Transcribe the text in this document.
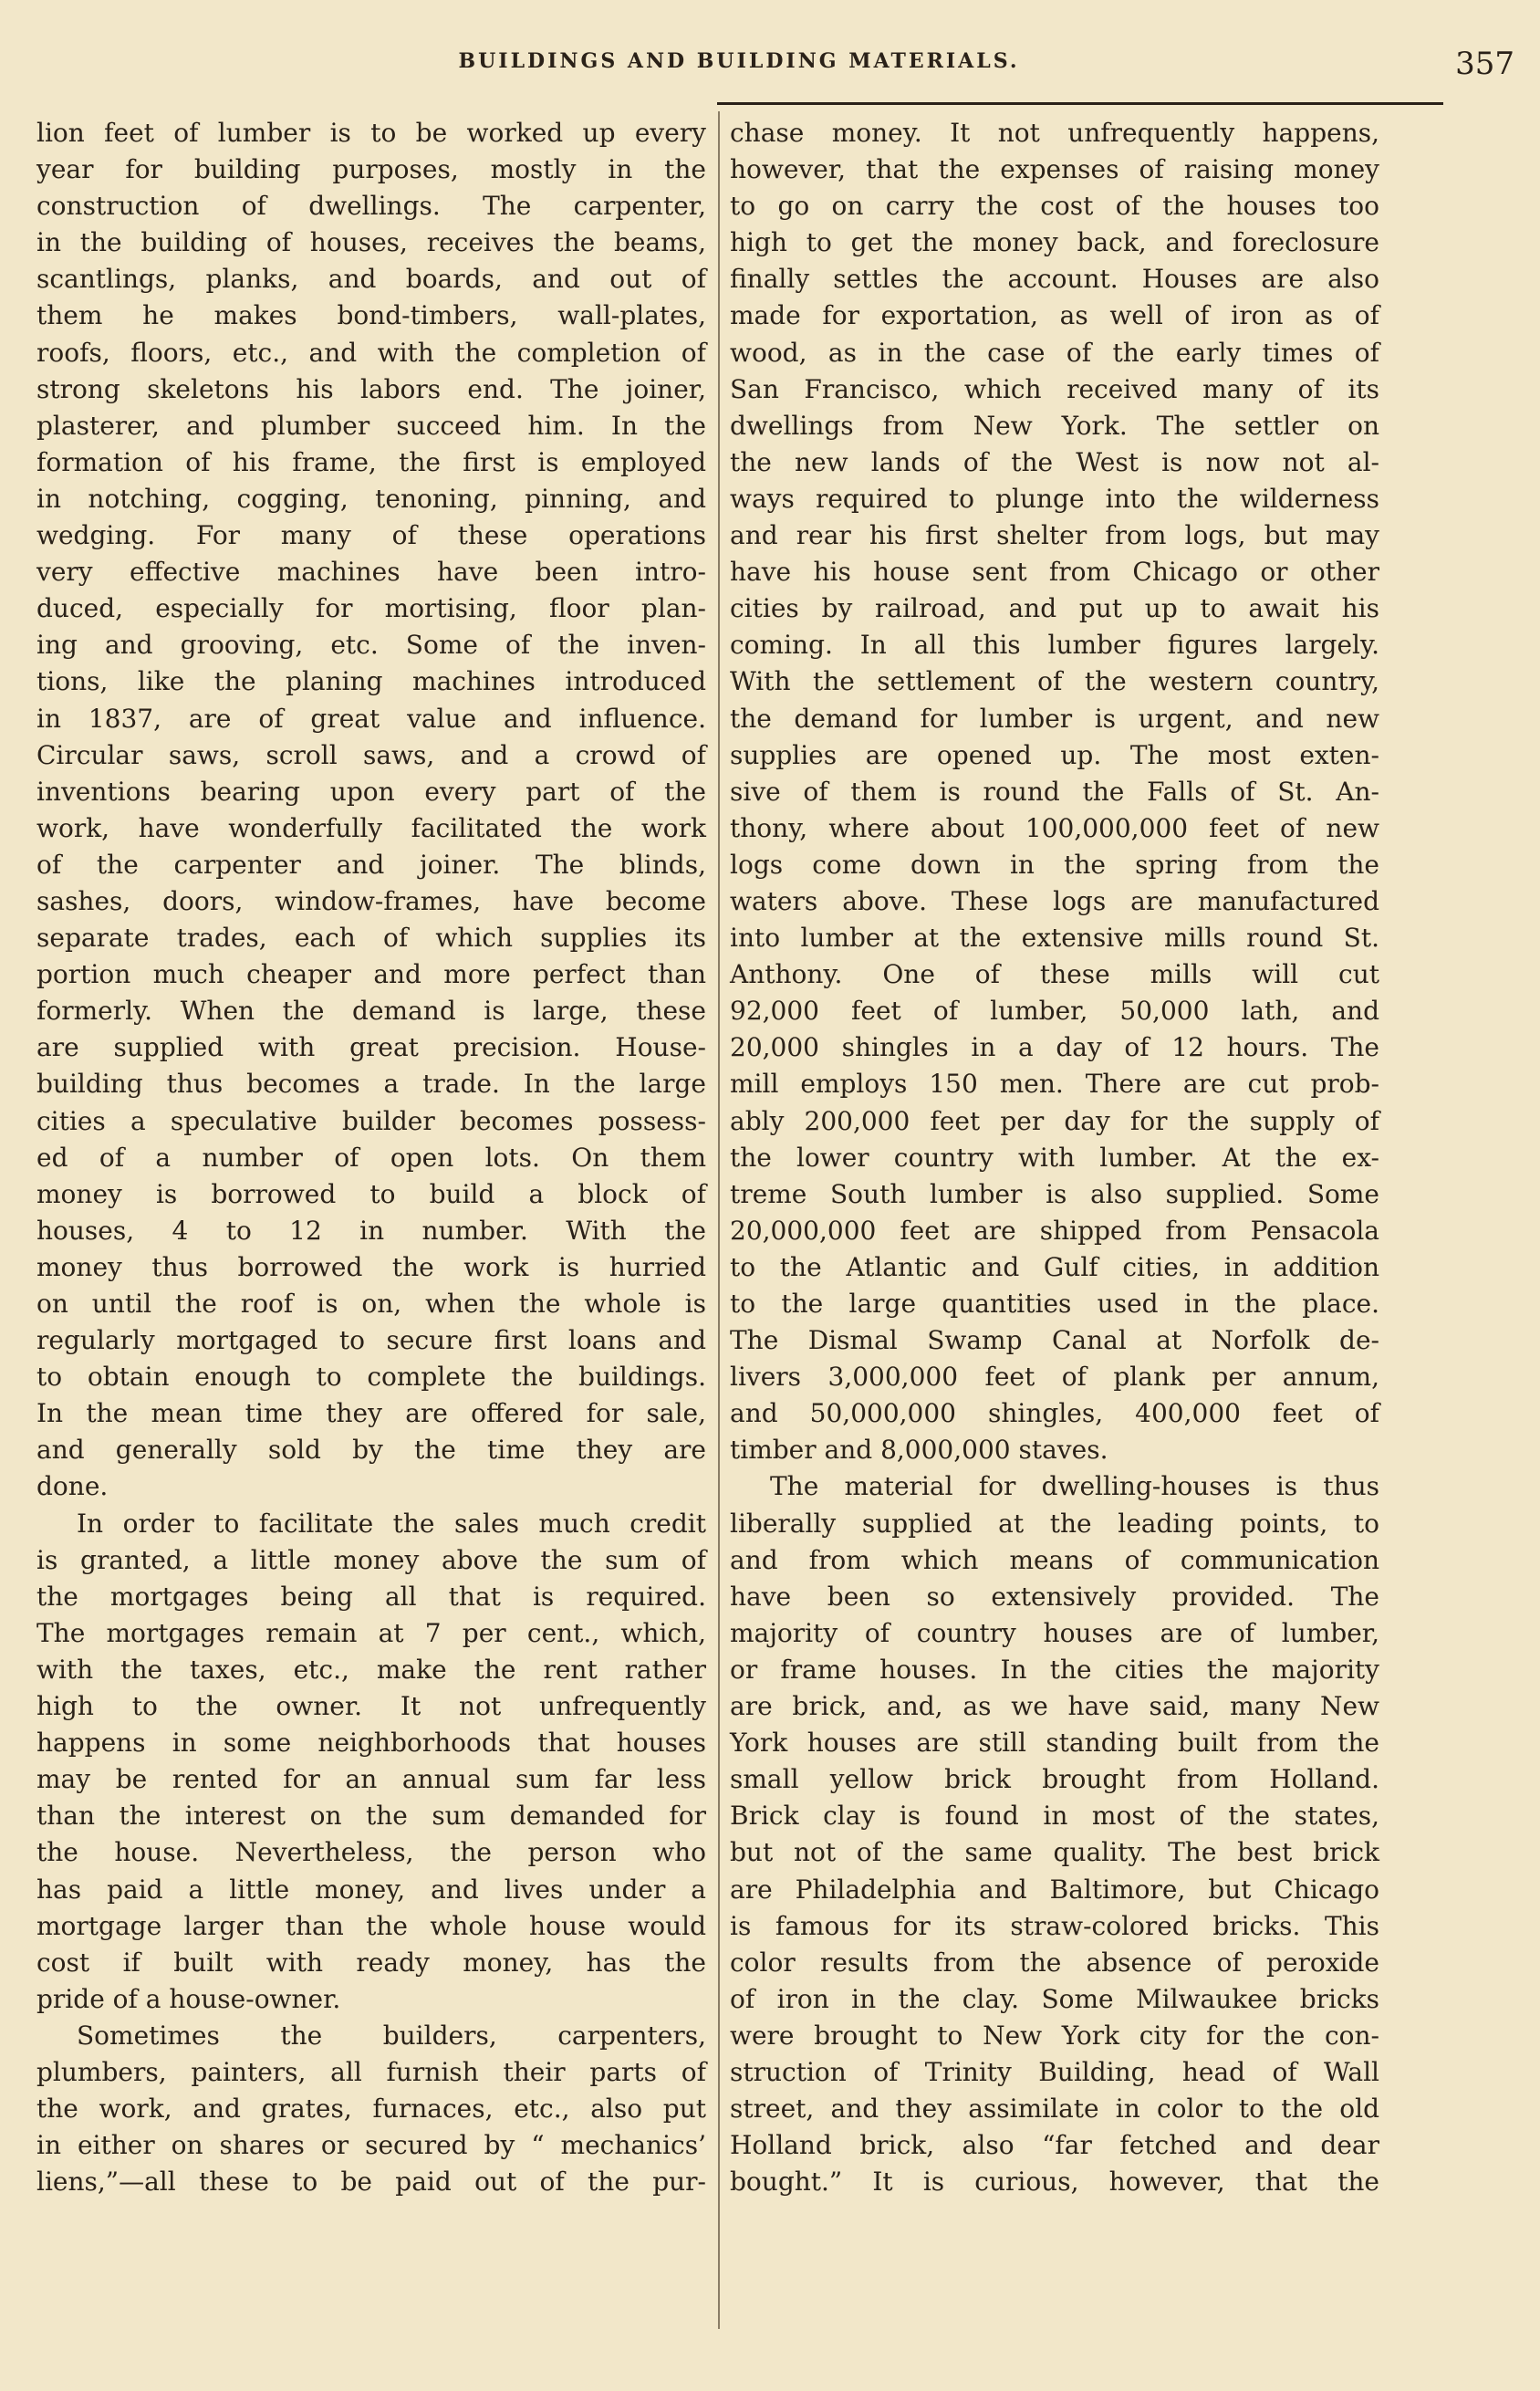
BUILDINGS AND BUILDING MATERIALS.	357
lion feet of lumber is to be worked up every
year for building purposes, mostly in the
construction of dwellings. The carpenter,
in the building of houses, receives the beams,
scantlings, planks, and boards, and out of
them he makes bond-timbers, wall-plates,
roofs, floors, etc., and with the completion of
strong skeletons his labors end. The joiner,
plasterer, and plumber succeed him. In the
formation of his frame, the first is employed
in notching, cogging, tenoning, pinning, and
wedging. For many of these operations
very effective machines have been intro-
duced, especially for mortising, floor plan-
ing and grooving, etc. Some of the inven-
tions, like the planing machines introduced
in 1837, are of great value and influence.
Circular saws, scroll saws, and a crowd of
inventions bearing upon every part of the
work, have wonderfully facilitated the work
of the carpenter and joiner. The blinds,
sashes, doors, window-frames, have become
separate trades, each of which supplies its
portion much cheaper and more perfect than
formerly. When the demand is large, these
are supplied with great precision. House-
building thus becomes a trade. In the large
cities a speculative builder becomes possess-
ed of a number of open lots. On them
money is borrowed to build a block of
houses, 4 to 12 in number. With the
money thus borrowed the work is hurried
on until the roof is on, when the whole is
regularly mortgaged to secure first loans and
to obtain enough to complete the buildings.
In the mean time they are offered for sale,
and generally sold by the time they are
done.
In order to facilitate the sales much credit
is granted, a little money above the sum of
the mortgages being all that is required.
The mortgages remain at 7 per cent., which,
with the taxes, etc., make the rent rather
high to the owner. It not unfrequently
happens in some neighborhoods that houses
may be rented for an annual sum far less
than the interest on the sum demanded for
the house. Nevertheless, the person who
has paid a little money, and lives under a
mortgage larger than the whole house would
cost if built with ready money, has the
pride of a house-owner.
Sometimes the builders, carpenters,
plumbers, painters, all furnish their parts of
the work, and grates, furnaces, etc., also put
in either on shares or secured by “ mechanics’
liens,”—all these to be paid out of the pur-
chase money. It not unfrequently happens,
however, that the expenses of raising money
to go on carry the cost of the houses too
high to get the money back, and foreclosure
finally settles the account. Houses are also
made for exportation, as well of iron as of
wood, as in the case of the early times of
San Francisco, which received many of its
dwellings from New York. The settler on
the new lands of the West is now not al-
ways required to plunge into the wilderness
and rear his first shelter from logs, but may
have his house sent from Chicago or other
cities by railroad, and put up to await his
coming. In all this lumber figures largely.
With the settlement of the western country,
the demand for lumber is urgent, and new
supplies are opened up. The most exten-
sive of them is round the Falls of St. An-
thony, where about 100,000,000 feet of new
logs come down in the spring from the
waters above. These logs are manufactured
into lumber at the extensive mills round St.
Anthony. One of these mills will cut
92,000 feet of lumber, 50,000 lath, and
20,000 shingles in a day of 12 hours. The
mill employs 150 men. There are cut prob-
ably 200,000 feet per day for the supply of
the lower country with lumber. At the ex-
treme South lumber is also supplied. Some
20,000,000 feet are shipped from Pensacola
to the Atlantic and Gulf cities, in addition
to the large quantities used in the place.
The Dismal Swamp Canal at Norfolk de-
livers 3,000,000 feet of plank per annum,
and 50,000,000 shingles, 400,000 feet of
timber and 8,000,000 staves.
The material for dwelling-houses is thus
liberally supplied at the leading points, to
and from which means of communication
have been so extensively provided. The
majority of country houses are of lumber,
or frame houses. In the cities the majority
are brick, and, as we have said, many New
York houses are still standing built from the
small yellow brick brought from Holland.
Brick clay is found in most of the states,
but not of the same quality. The best brick
are Philadelphia and Baltimore, but Chicago
is famous for its straw-colored bricks. This
color results from the absence of peroxide
of iron in the clay. Some Milwaukee bricks
were brought to New York city for the con-
struction of Trinity Building, head of Wall
street, and they assimilate in color to the old
Holland brick, also “far fetched and dear
bought.” It is curious, however, that the
